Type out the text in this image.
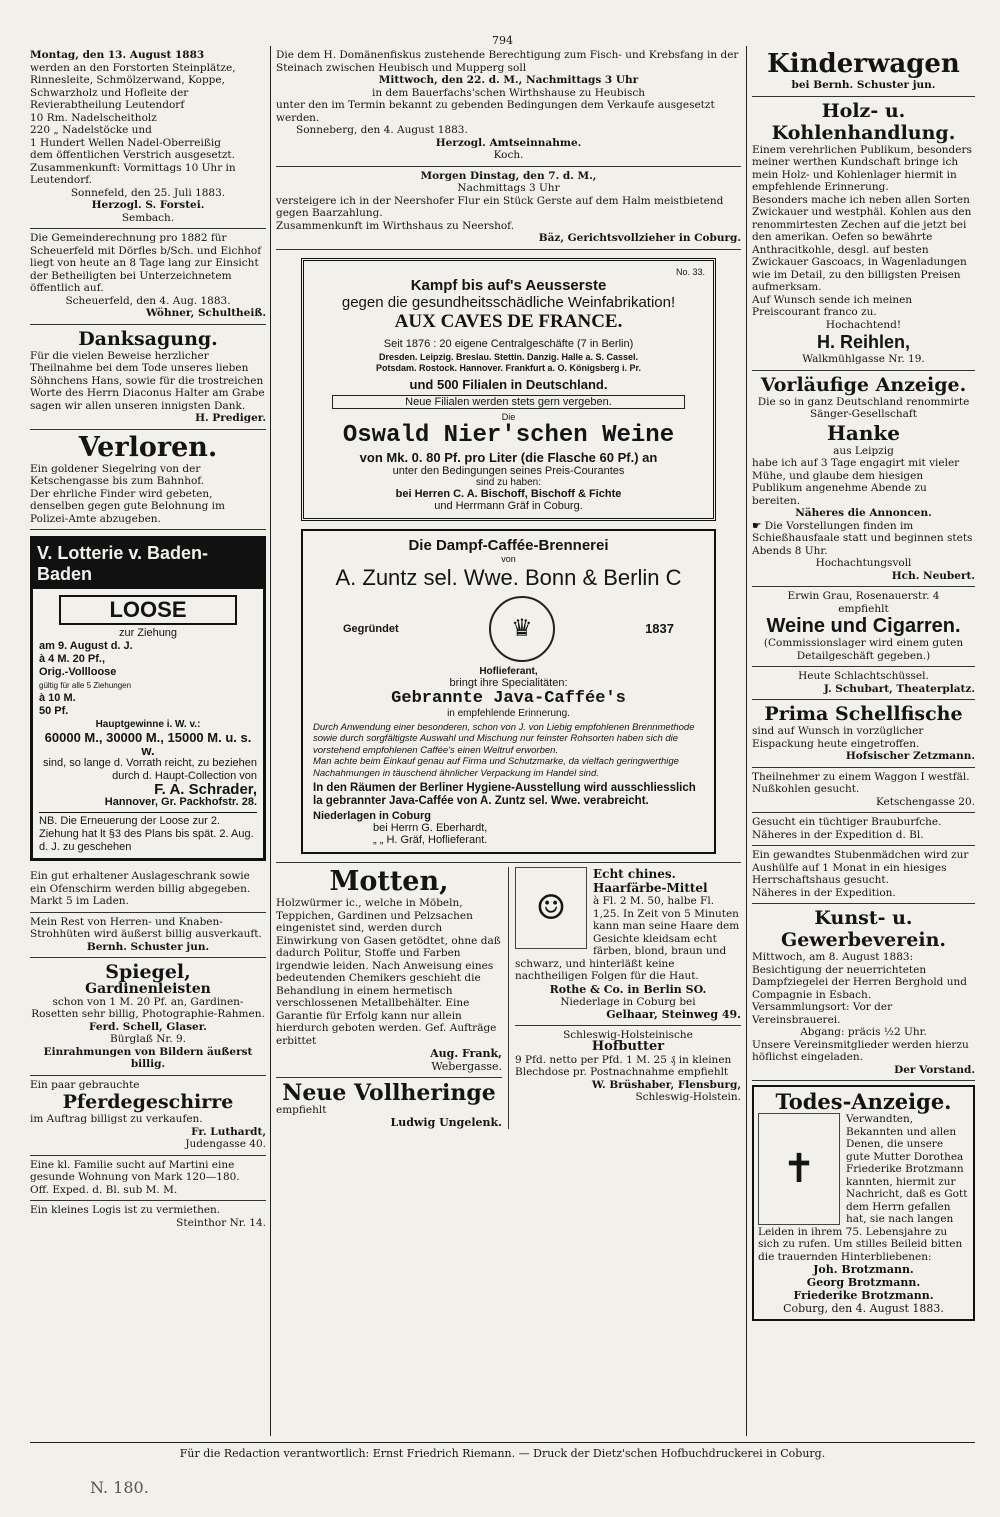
794

Montag, den 13. August 1883

werden an den Forstorten Steinplätze, Rinnesleite, Schmölzerwand, Koppe, Schwarzholz und Hofleite der Revierabtheilung Leutendorf

10 Rm. Nadelscheitholz

220 „ Nadelstöcke und

1 Hundert Wellen Nadel-Oberreißig

dem öffentlichen Verstrich ausgesetzt.

Zusammenkunft: Vormittags 10 Uhr in Leutendorf.

Sonnefeld, den 25. Juli 1883.

Herzogl. S. Forstei.

Sembach.

Die Gemeinderechnung pro 1882 für Scheuerfeld mit Dörfles b/Sch. und Eichhof liegt von heute an 8 Tage lang zur Einsicht der Betheiligten bei Unterzeichnetem öffentlich auf.

Scheuerfeld, den 4. Aug. 1883.

Wöhner, Schultheiß.

Danksagung.

Für die vielen Beweise herzlicher Theilnahme bei dem Tode unseres lieben Söhnchens Hans, sowie für die trostreichen Worte des Herrn Diaconus Halter am Grabe sagen wir allen unseren innigsten Dank.

H. Prediger.

Verloren.

Ein goldener Siegelring von der Ketschengasse bis zum Bahnhof.

Der ehrliche Finder wird gebeten, denselben gegen gute Belohnung im Polizei-Amte abzugeben.

V. Lotterie v. Baden-Baden
LOOSE
zur Ziehung
am 9. August d. J.
à 4 M. 20 Pf.,
Orig.-Vollloose
gültig für alle 5 Ziehungen
à 10 M.
50 Pf.
Hauptgewinne i. W. v.:
60000 M., 30000 M., 15000 M. u. s. w.
sind, so lange d. Vorrath reicht, zu beziehen durch d. Haupt-Collection von
F. A. Schrader,
Hannover, Gr. Packhofstr. 28.
NB. Die Erneuerung der Loose zur 2. Ziehung hat lt §3 des Plans bis spät. 2. Aug. d. J. zu geschehen

Ein gut erhaltener Auslageschrank sowie ein Ofenschirm werden billig abgegeben. Markt 5 im Laden.

Mein Rest von Herren- und Knaben-Strohhüten wird äußerst billig ausverkauft.

Bernh. Schuster jun.

Spiegel,
Gardinenleisten

schon von 1 M. 20 Pf. an, Gardinen-Rosetten sehr billig, Photographie-Rahmen.

Ferd. Schell, Glaser.

Bürglaß Nr. 9.

Einrahmungen von Bildern äußerst billig.

Ein paar gebrauchte

Pferdegeschirre

im Auftrag billigst zu verkaufen.

Fr. Luthardt,

Judengasse 40.

Eine kl. Familie sucht auf Martini eine gesunde Wohnung von Mark 120—180.

Off. Exped. d. Bl. sub M. M.

Ein kleines Logis ist zu vermiethen.

Steinthor Nr. 14.

Die dem H. Domänenfiskus zustehende Berechtigung zum Fisch- und Krebsfang in der Steinach zwischen Heubisch und Mupperg soll

Mittwoch, den 22. d. M., Nachmittags 3 Uhr

in dem Bauerfachs'schen Wirthshause zu Heubisch

unter den im Termin bekannt zu gebenden Bedingungen dem Verkaufe ausgesetzt werden.

Sonneberg, den 4. August 1883.

Herzogl. Amtseinnahme.

Koch.

Morgen Dinstag, den 7. d. M.,

Nachmittags 3 Uhr

versteigere ich in der Neershofer Flur ein Stück Gerste auf dem Halm meistbietend gegen Baarzahlung.

Zusammenkunft im Wirthshaus zu Neershof.

Bäz, Gerichtsvollzieher in Coburg.

No. 33.
Kampf bis auf's Aeusserste
gegen die gesundheitsschädliche Weinfabrikation!
AUX CAVES DE FRANCE.
Seit 1876 : 20 eigene Centralgeschäfte (7 in Berlin)
Dresden. Leipzig. Breslau. Stettin. Danzig. Halle a. S. Cassel.
Potsdam. Rostock. Hannover. Frankfurt a. O. Königsberg i. Pr.
und 500 Filialen in Deutschland.
Neue Filialen werden stets gern vergeben.
Die
Oswald Nier'schen Weine
von Mk. 0. 80 Pf. pro Liter (die Flasche 60 Pf.) an
unter den Bedingungen seines Preis-Courantes
sind zu haben:
bei Herren C. A. Bischoff, Bischoff & Fichte
und Herrmann Gräf in Coburg.
Die Dampf-Caffée-Brennerei
von
A. Zuntz sel. Wwe. Bonn & Berlin C
Gegründet	♛	1837
Hoflieferant,
bringt ihre Specialitäten:
Gebrannte Java-Caffée's
in empfehlende Erinnerung.
Durch Anwendung einer besonderen, schon von J. von Liebig empfohlenen Brennmethode sowie durch sorgfältigste Auswahl und Mischung nur feinster Rohsorten haben sich die vorstehend empfohlenen Caffée's einen Weltruf erworben.
Man achte beim Einkauf genau auf Firma und Schutzmarke, da vielfach geringwerthige Nachahmungen in täuschend ähnlicher Verpackung im Handel sind.
In den Räumen der Berliner Hygiene-Ausstellung wird ausschliesslich la gebrannter Java-Caffée von A. Zuntz sel. Wwe. verabreicht.
Niederlagen in Coburg
bei Herrn G. Eberhardt,
„ „ H. Gräf, Hoflieferant.
Motten,

Holzwürmer ic., welche in Möbeln, Teppichen, Gardinen und Pelzsachen eingenistet sind, werden durch Einwirkung von Gasen getödtet, ohne daß dadurch Politur, Stoffe und Farben irgendwie leiden. Nach Anweisung eines bedeutenden Chemikers geschieht die Behandlung in einem hermetisch verschlossenen Metallbehälter. Eine Garantie für Erfolg kann nur allein hierdurch geboten werden. Gef. Aufträge erbittet

Aug. Frank,

Webergasse.

Neue Vollheringe

empfiehlt

Ludwig Ungelenk.

☺
Echt chines. Haarfärbe-Mittel

à Fl. 2 M. 50, halbe Fl. 1,25. In Zeit von 5 Minuten kann man seine Haare dem Gesichte kleidsam echt färben, blond, braun und schwarz, und hinterläßt keine nachtheiligen Folgen für die Haut.

Rothe & Co. in Berlin SO.

Niederlage in Coburg bei

Gelhaar, Steinweg 49.

Schleswig-Holsteinische

Hofbutter

9 Pfd. netto per Pfd. 1 M. 25 ₰ in kleinen Blechdose pr. Postnachnahme empfiehlt

W. Brüshaber, Flensburg,

Schleswig-Holstein.

Kinderwagen

bei Bernh. Schuster jun.

Holz- u. Kohlenhandlung.

Einem verehrlichen Publikum, besonders meiner werthen Kundschaft bringe ich mein Holz- und Kohlenlager hiermit in empfehlende Erinnerung.

Besonders mache ich neben allen Sorten Zwickauer und westphäl. Kohlen aus den renommirtesten Zechen auf die jetzt bei den amerikan. Oefen so bewährte Anthracitkohle, desgl. auf besten Zwickauer Gascoacs, in Wagenladungen wie im Detail, zu den billigsten Preisen aufmerksam.

Auf Wunsch sende ich meinen Preiscourant franco zu.

Hochachtend!

H. Reihlen,

Walkmühlgasse Nr. 19.

Vorläufige Anzeige.

Die so in ganz Deutschland renommirte Sänger-Gesellschaft

Hanke

aus Leipzig

habe ich auf 3 Tage engagirt mit vieler Mühe, und glaube dem hiesigen Publikum angenehme Abende zu bereiten.

Näheres die Annoncen.

☛ Die Vorstellungen finden im Schießhausfaale statt und beginnen stets Abends 8 Uhr.

Hochachtungsvoll

Hch. Neubert.

Erwin Grau, Rosenauerstr. 4

empfiehlt

Weine und Cigarren.

(Commissionslager wird einem guten Detailgeschäft gegeben.)

Heute Schlachtschüssel.

J. Schubart, Theaterplatz.

Prima Schellfische

sind auf Wunsch in vorzüglicher Eispackung heute eingetroffen.

Hofsischer Zetzmann.

Theilnehmer zu einem Waggon I westfäl. Nußkohlen gesucht.

Ketschengasse 20.

Gesucht ein tüchtiger Brauburfche.

Näheres in der Expedition d. Bl.

Ein gewandtes Stubenmädchen wird zur Aushülfe auf 1 Monat in ein hiesiges Herrschaftshaus gesucht.

Näheres in der Expedition.

Kunst- u. Gewerbeverein.

Mittwoch, am 8. August 1883: Besichtigung der neuerrichteten Dampfziegelei der Herren Berghold und Compagnie in Esbach.

Versammlungsort: Vor der Vereinsbrauerei.

Abgang: präcis ½2 Uhr.

Unsere Vereinsmitglieder werden hierzu höflichst eingeladen.

Der Vorstand.

Todes-Anzeige.
✝

Verwandten, Bekannten und allen Denen, die unsere gute Mutter Dorothea Friederike Brotzmann kannten, hiermit zur Nachricht, daß es Gott dem Herrn gefallen hat, sie nach langen Leiden in ihrem 75. Lebensjahre zu sich zu rufen. Um stilles Beileid bitten die trauernden Hinterbliebenen:

Joh. Brotzmann.

Georg Brotzmann.

Friederike Brotzmann.

Coburg, den 4. August 1883.

Für die Redaction verantwortlich: Ernst Friedrich Riemann. — Druck der Dietz'schen Hofbuchdruckerei in Coburg.
N. 180.
